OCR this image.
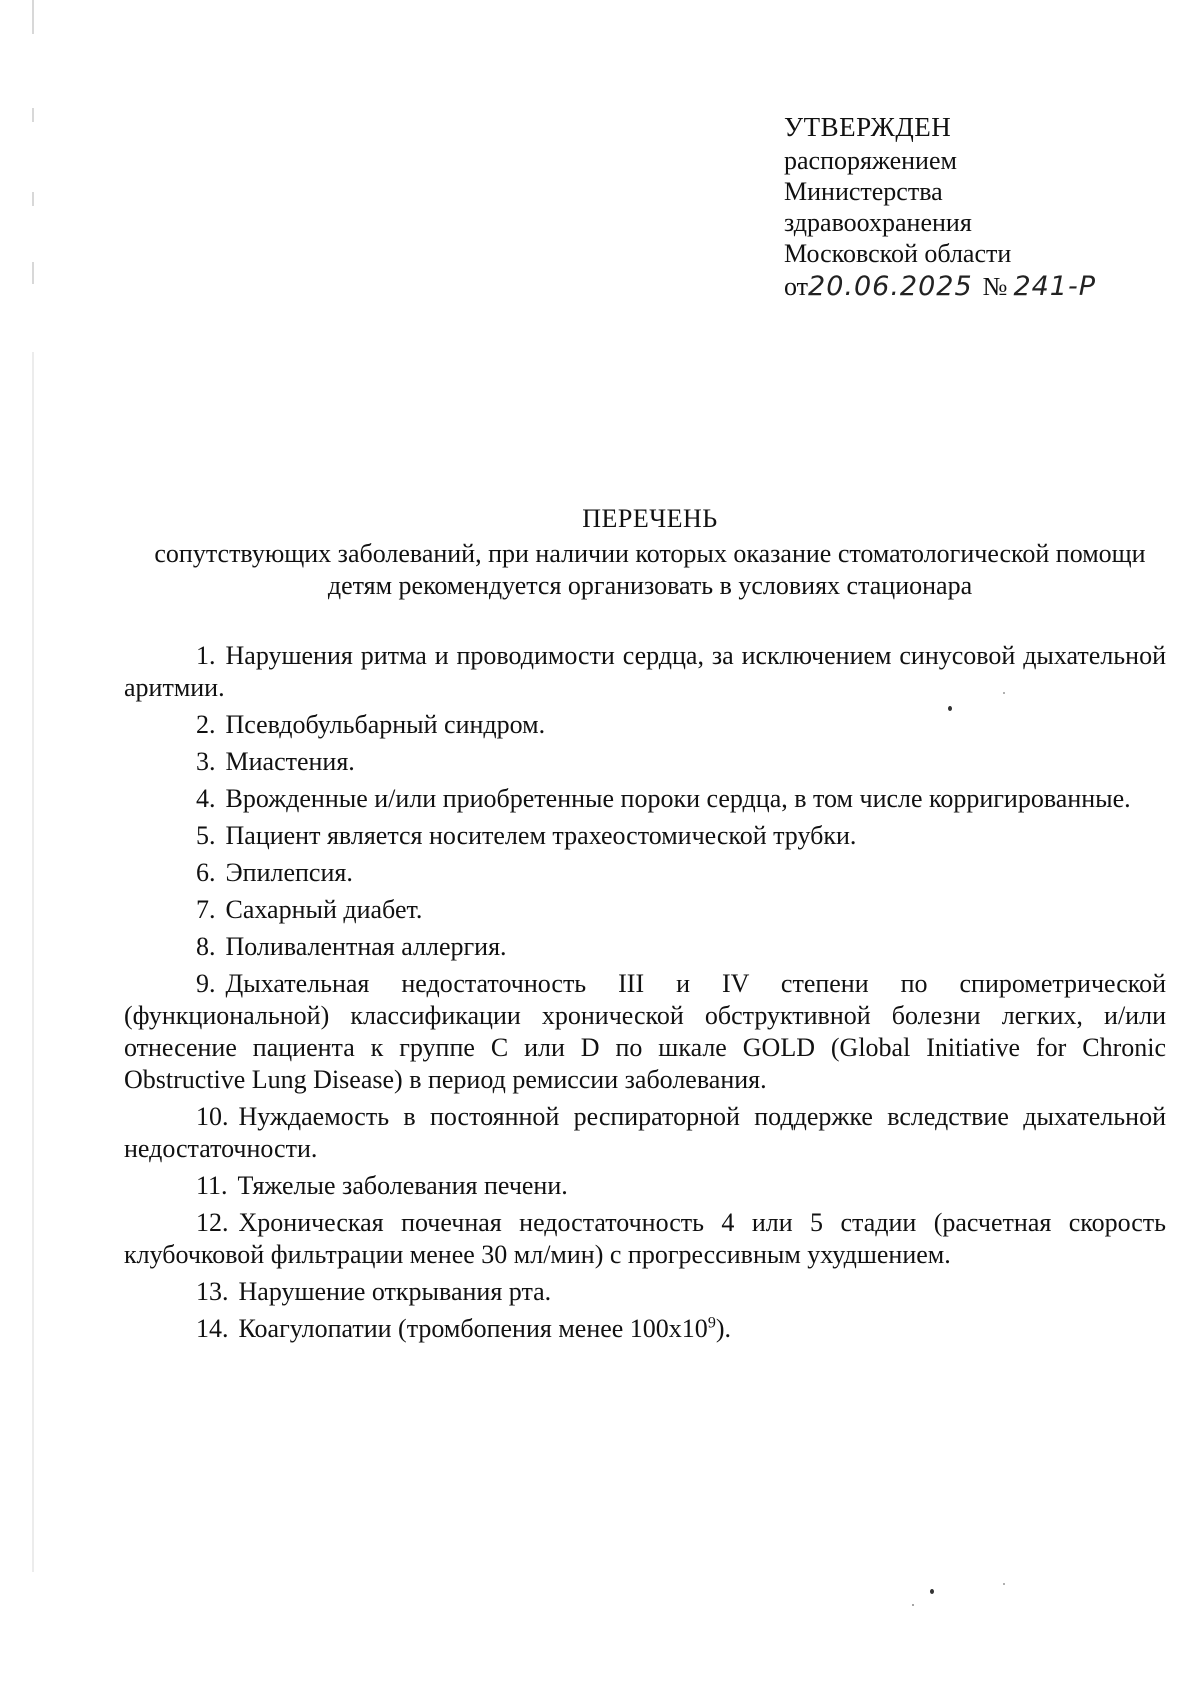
УТВЕРЖДЕН
распоряжением
Министерства
здравоохранения
Московской области
от20.06.2025 № 241-Р
ПЕРЕЧЕНЬ
сопутствующих заболеваний, при наличии которых оказание стоматологической помощи детям рекомендуется организовать в условиях стационара
1. Нарушения ритма и проводимости сердца, за исключением синусовой дыхательной аритмии.
2. Псевдобульбарный синдром.
3. Миастения.
4. Врожденные и/или приобретенные пороки сердца, в том числе корригированные.
5. Пациент является носителем трахеостомической трубки.
6. Эпилепсия.
7. Сахарный диабет.
8. Поливалентная аллергия.
9. Дыхательная недостаточность III и IV степени по спирометрической (функциональной) классификации хронической обструктивной болезни легких, и/или отнесение пациента к группе C или D по шкале GOLD (Global Initiative for Chronic Obstructive Lung Disease) в период ремиссии заболевания.
10. Нуждаемость в постоянной респираторной поддержке вследствие дыхательной недостаточности.
11. Тяжелые заболевания печени.
12. Хроническая почечная недостаточность 4 или 5 стадии (расчетная скорость клубочковой фильтрации менее 30 мл/мин) с прогрессивным ухудшением.
13. Нарушение открывания рта.
14. Коагулопатии (тромбопения менее $100x10^9$).
